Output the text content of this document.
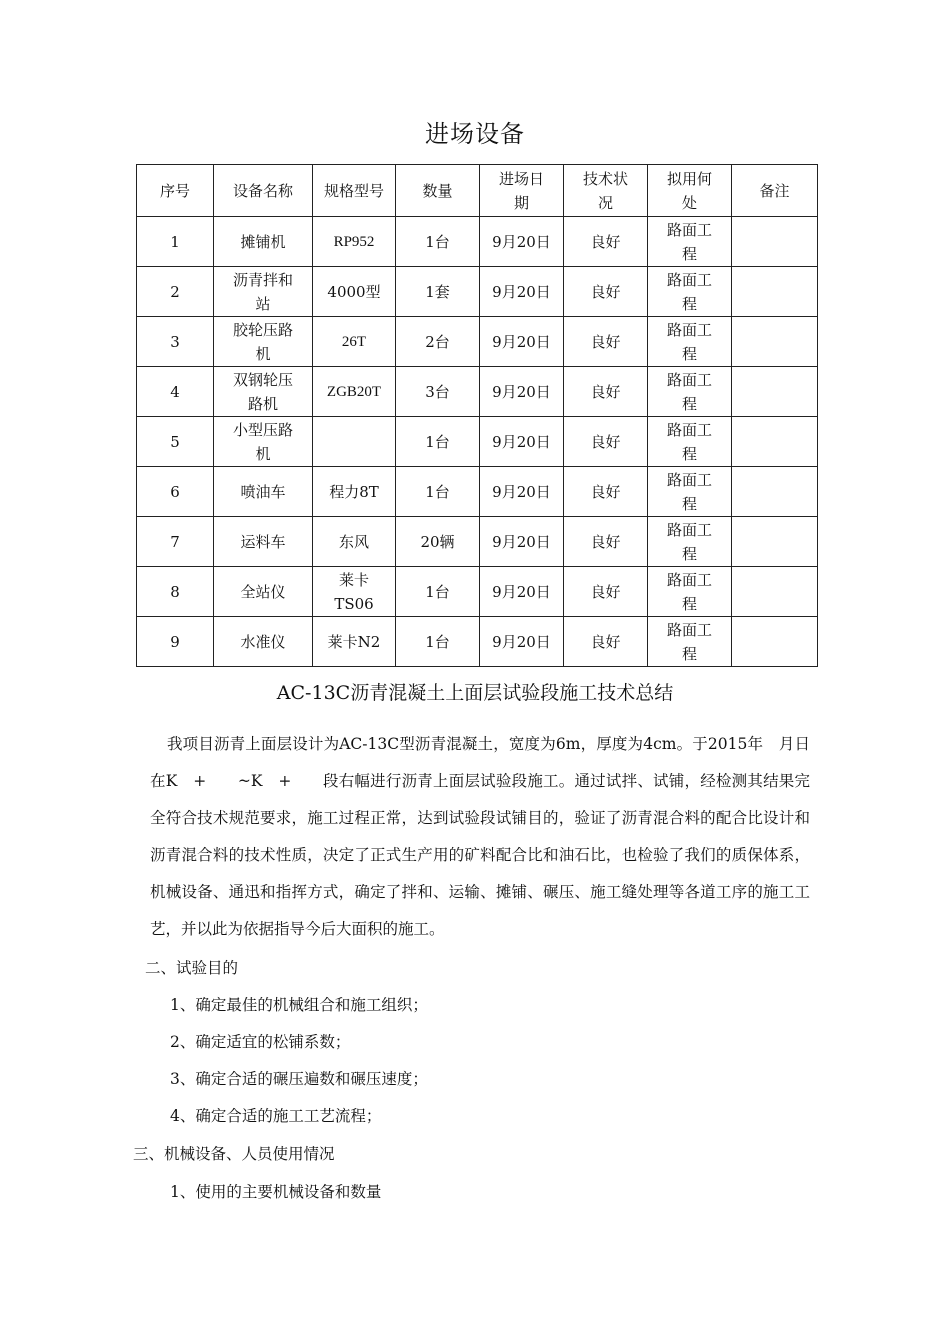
进场设备
序号	设备名称	规格型号	数量	进场日期	技术状况	拟用何处	备注
1	摊铺机	RP952	1台	9月20日	良好	路面工程	
2	沥青拌和站	4000型	1套	9月20日	良好	路面工程	
3	胶轮压路机	26T	2台	9月20日	良好	路面工程	
4	双钢轮压路机	ZGB20T	3台	9月20日	良好	路面工程	
5	小型压路机		1台	9月20日	良好	路面工程	
6	喷油车	程力8T	1台	9月20日	良好	路面工程	
7	运料车	东风	20辆	9月20日	良好	路面工程	
8	全站仪	莱卡TS06	1台	9月20日	良好	路面工程	
9	水准仪	莱卡N2	1台	9月20日	良好	路面工程	
AC-13C沥青混凝土上面层试验段施工技术总结
我项目沥青上面层设计为AC-13C型沥青混凝土，宽度为6m，厚度为4cm。于2015年　月日在K　+　　~K　+　　段右幅进行沥青上面层试验段施工。通过试拌、试铺，经检测其结果完全符合技术规范要求，施工过程正常，达到试验段试铺目的，验证了沥青混合料的配合比设计和沥青混合料的技术性质，决定了正式生产用的矿料配合比和油石比，也检验了我们的质保体系，机械设备、通迅和指挥方式，确定了拌和、运输、摊铺、碾压、施工缝处理等各道工序的施工工艺，并以此为依据指导今后大面积的施工。
二、试验目的
1、确定最佳的机械组合和施工组织；
2、确定适宜的松铺系数；
3、确定合适的碾压遍数和碾压速度；
4、确定合适的施工工艺流程；
三、机械设备、人员使用情况
1、使用的主要机械设备和数量
